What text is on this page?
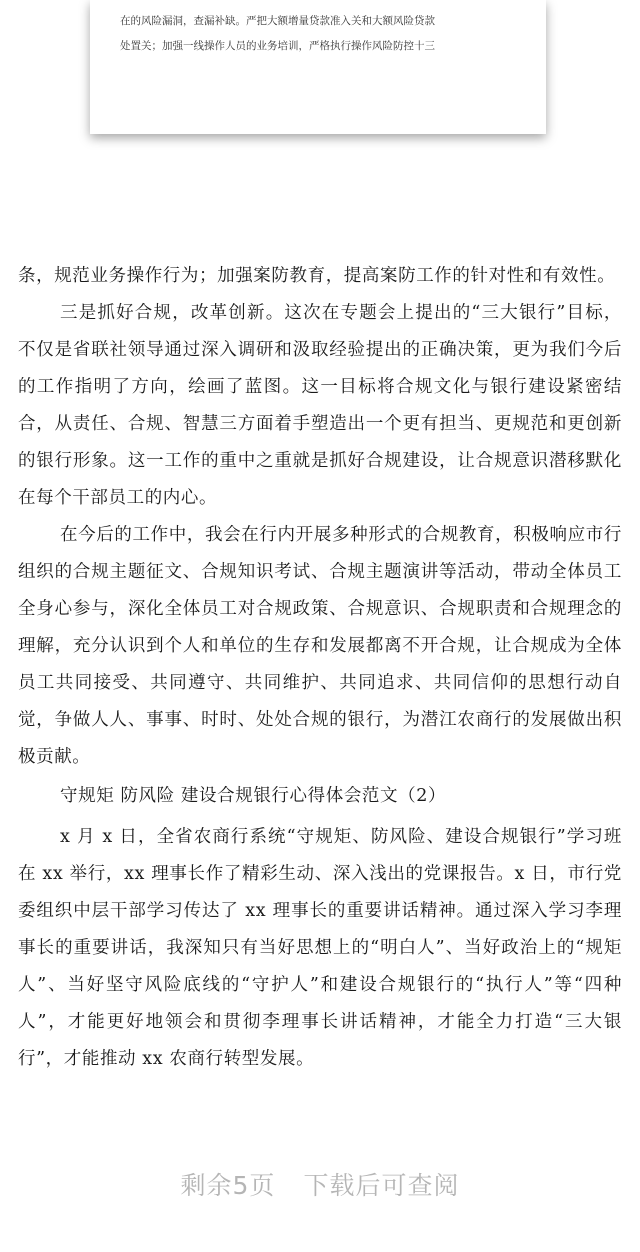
在的风险漏洞，查漏补缺。严把大额增量贷款准入关和大额风险贷款

处置关；加强一线操作人员的业务培训，严格执行操作风险防控十三

条，规范业务操作行为；加强案防教育，提高案防工作的针对性和有效性。

三是抓好合规，改革创新。这次在专题会上提出的“三大银行”目标，不仅是省联社领导通过深入调研和汲取经验提出的正确决策，更为我们今后的工作指明了方向，绘画了蓝图。这一目标将合规文化与银行建设紧密结合，从责任、合规、智慧三方面着手塑造出一个更有担当、更规范和更创新的银行形象。这一工作的重中之重就是抓好合规建设，让合规意识潜移默化在每个干部员工的内心。

在今后的工作中，我会在行内开展多种形式的合规教育，积极响应市行组织的合规主题征文、合规知识考试、合规主题演讲等活动，带动全体员工全身心参与，深化全体员工对合规政策、合规意识、合规职责和合规理念的理解，充分认识到个人和单位的生存和发展都离不开合规，让合规成为全体员工共同接受、共同遵守、共同维护、共同追求、共同信仰的思想行动自觉，争做人人、事事、时时、处处合规的银行，为潜江农商行的发展做出积极贡献。

守规矩 防风险 建设合规银行心得体会范文（2）

x 月 x 日，全省农商行系统“守规矩、防风险、建设合规银行”学习班在 xx 举行，xx 理事长作了精彩生动、深入浅出的党课报告。x 日，市行党委组织中层干部学习传达了 xx 理事长的重要讲话精神。通过深入学习李理事长的重要讲话，我深知只有当好思想上的“明白人”、当好政治上的“规矩人”、当好坚守风险底线的“守护人”和建设合规银行的“执行人”等“四种人”，才能更好地领会和贯彻李理事长讲话精神，才能全力打造“三大银行”，才能推动 xx 农商行转型发展。

剩余5页 下载后可查阅
